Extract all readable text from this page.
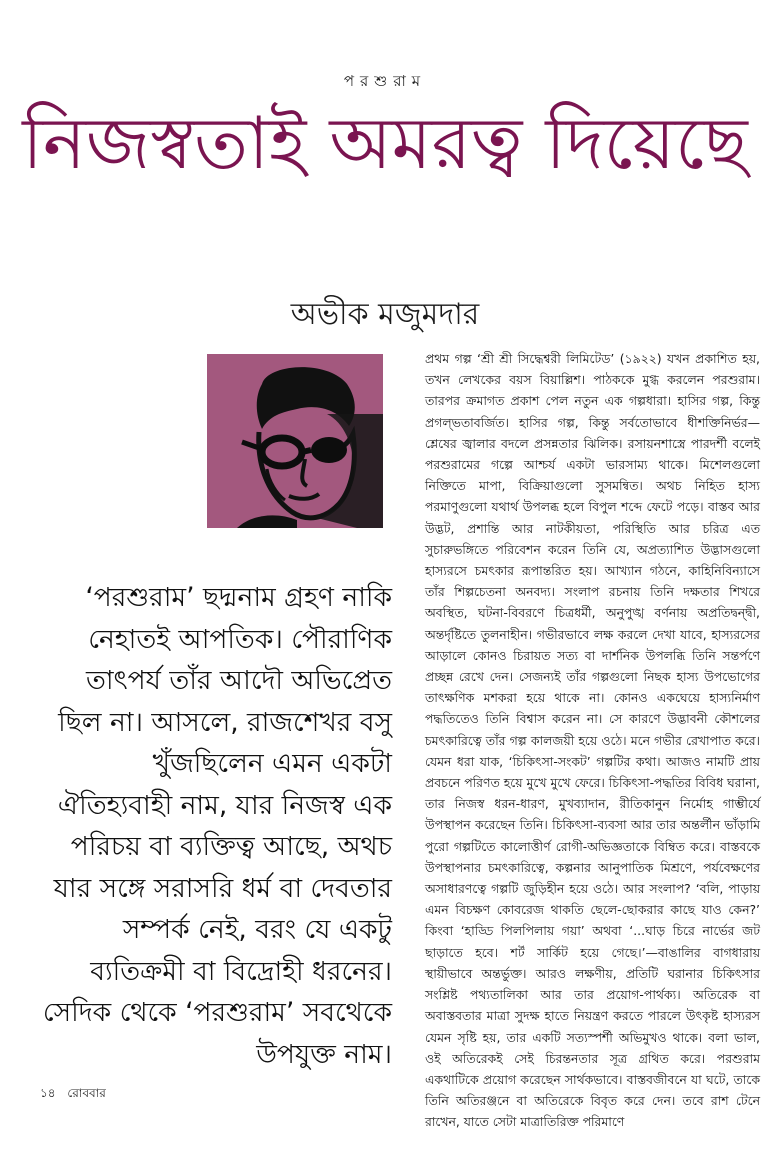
পরশুরাম
নিজস্বতাই অমরত্ব দিয়েছে
অভীক মজুমদার
‘পরশুরাম’ ছদ্মনাম গ্রহণ নাকি নেহাতই আপতিক। পৌরাণিক তাৎপর্য তাঁর আদৌ অভিপ্রেত ছিল না। আসলে, রাজশেখর বসু খুঁজছিলেন এমন একটা ঐতিহ্যবাহী নাম, যার নিজস্ব এক পরিচয় বা ব্যক্তিত্ব আছে, অথচ যার সঙ্গে সরাসরি ধর্ম বা দেবতার সম্পর্ক নেই, বরং যে একটু ব্যতিক্রমী বা বিদ্রোহী ধরনের। সেদিক থেকে ‘পরশুরাম’ সবথেকে উপযুক্ত নাম।
প্রথম গল্প ‘শ্রী শ্রী সিদ্ধেশ্বরী লিমিটেড’ (১৯২২) যখন প্রকাশিত হয়, তখন লেখকের বয়স বিয়াল্লিশ। পাঠককে মুগ্ধ করলেন পরশুরাম। তারপর ক্রমাগত প্রকাশ পেল নতুন এক গল্পধারা। হাসির গল্প, কিন্তু প্রগল্‌ভতাবর্জিত। হাসির গল্প, কিন্তু সর্বতোভাবে ধীশক্তিনির্ভর—শ্লেষের জ্বালার বদলে প্রসন্নতার ঝিলিক। রসায়নশাস্ত্রে পারদর্শী বলেই পরশুরামের গল্পে আশ্চর্য একটা ভারসাম্য থাকে। মিশেলগুলো নিক্তিতে মাপা, বিক্রিয়াগুলো সুসমন্বিত। অথচ নিহিত হাস্য পরমাণুগুলো যথার্থ উপলব্ধ হলে বিপুল শব্দে ফেটে পড়ে। বাস্তব আর উদ্ভট, প্রশান্তি আর নাটকীয়তা, পরিস্থিতি আর চরিত্র এত সুচারুভঙ্গিতে পরিবেশন করেন তিনি যে, অপ্রত্যাশিত উদ্ভাসগুলো হাস্যরসে চমৎকার রূপান্তরিত হয়। আখ্যান গঠনে, কাহিনিবিন্যাসে তাঁর শিল্পচেতনা অনবদ্য। সংলাপ রচনায় তিনি দক্ষতার শিখরে অবস্থিত, ঘটনা-বিবরণে চিত্রধর্মী, অনুপুঙ্খ বর্ণনায় অপ্রতিদ্বন্দ্বী, অন্তর্দৃষ্টিতে তুলনাহীন। গভীরভাবে লক্ষ করলে দেখা যাবে, হাস্যরসের আড়ালে কোনও চিরায়ত সত্য বা দার্শনিক উপলব্ধি তিনি সন্তর্পণে প্রচ্ছন্ন রেখে দেন। সেজন্যই তাঁর গল্পগুলো নিছক হাস্য উপভোগের তাৎক্ষণিক মশকরা হয়ে থাকে না। কোনও একঘেয়ে হাস্যনির্মাণ পদ্ধতিতেও তিনি বিশ্বাস করেন না। সে কারণে উদ্ভাবনী কৌশলের চমৎকারিত্বে তাঁর গল্প কালজয়ী হয়ে ওঠে। মনে গভীর রেখাপাত করে। যেমন ধরা যাক, ‘চিকিৎসা-সংকট’ গল্পটির কথা। আজও নামটি প্রায় প্রবচনে পরিণত হয়ে মুখে মুখে ফেরে। চিকিৎসা-পদ্ধতির বিবিধ ঘরানা, তার নিজস্ব ধরন-ধারণ, মুখব্যাদান, রীতিকানুন নির্মোহ গাম্ভীর্যে উপস্থাপন করেছেন তিনি। চিকিৎসা-ব্যবসা আর তার অন্তর্লীন ভাঁড়ামি পুরো গল্পটিতে কালোত্তীর্ণ রোগী-অভিজ্ঞতাকে বিম্বিত করে। বাস্তবকে উপস্থাপনার চমৎকারিত্বে, কল্পনার আনুপাতিক মিশ্রণে, পর্যবেক্ষণের অসাধারণত্বে গল্পটি জুড়িহীন হয়ে ওঠে। আর সংলাপ? ‘বলি, পাড়ায় এমন বিচক্ষণ কোবরেজ থাকতি ছেলে-ছোকরার কাছে যাও কেন?’ কিংবা ‘হাড্ডি পিলপিলায় গয়া’ অথবা ‘...ঘাড় চিরে নার্ভের জট ছাড়াতে হবে। শর্ট সার্কিট হয়ে গেছে।’—বাঙালির বাগধারায় স্থায়ীভাবে অন্তর্ভুক্ত। আরও লক্ষণীয়, প্রতিটি ঘরানার চিকিৎসার সংশ্লিষ্ট পথ্যতালিকা আর তার প্রয়োগ-পার্থক্য। অতিরেক বা অবাস্তবতার মাত্রা সুদক্ষ হাতে নিয়ন্ত্রণ করতে পারলে উৎকৃষ্ট হাস্যরস যেমন সৃষ্টি হয়, তার একটি সত্যস্পর্শী অভিমুখও থাকে। বলা ভাল, ওই অতিরেকই সেই চিরন্তনতার সূত্র গ্রথিত করে। পরশুরাম একথাটিকে প্রয়োগ করেছেন সার্থকভাবে। বাস্তবজীবনে যা ঘটে, তাকে তিনি অতিরঞ্জনে বা অতিরেকে বিবৃত করে দেন। তবে রাশ টেনে রাখেন, যাতে সেটা মাত্রাতিরিক্ত পরিমাণে
১৪ রোববার
